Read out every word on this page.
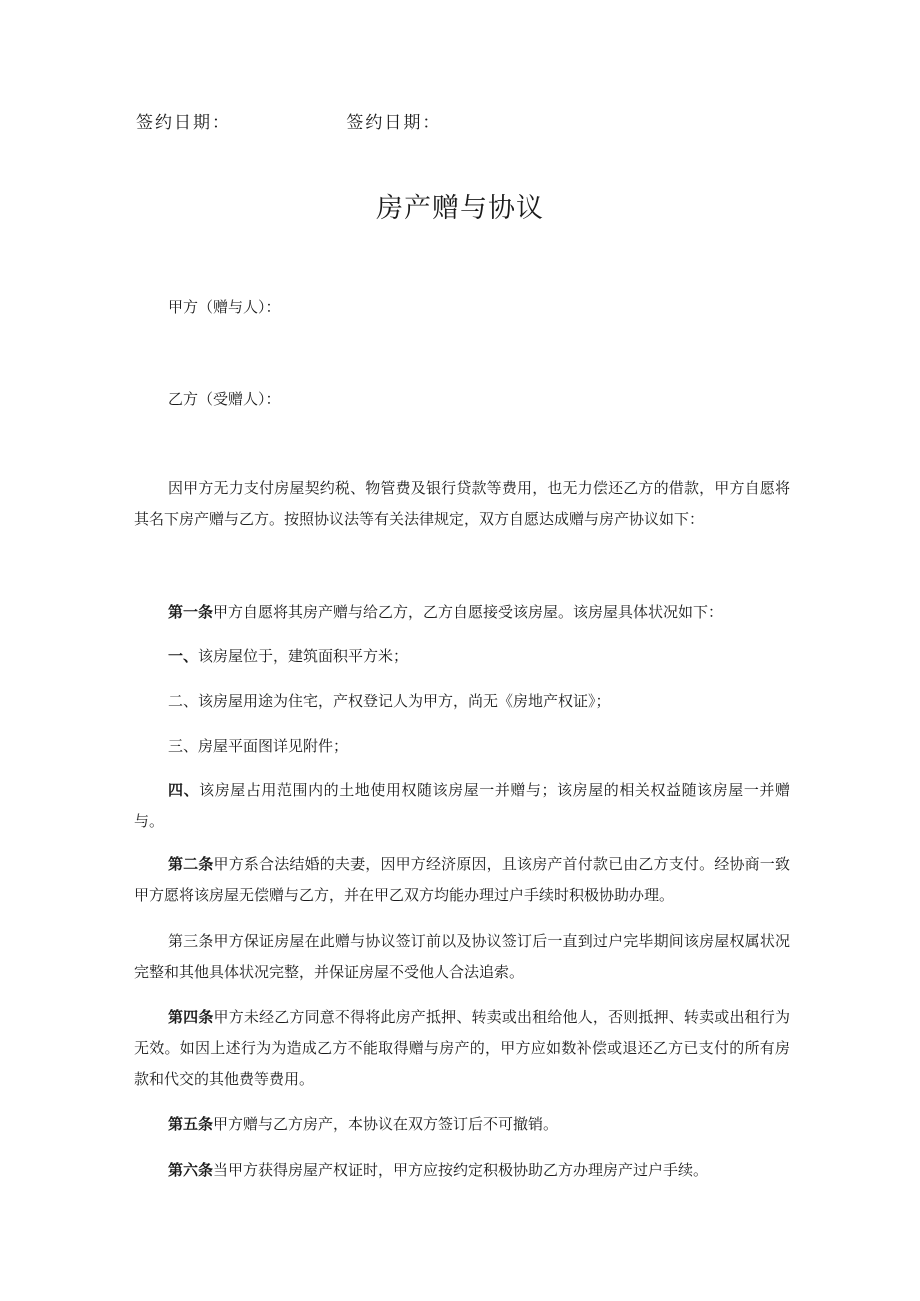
签约日期：	签约日期：
房产赠与协议
甲方（赠与人）：
乙方（受赠人）：
因甲方无力支付房屋契约税、物管费及银行贷款等费用，也无力偿还乙方的借款，甲方自愿将其名下房产赠与乙方。按照协议法等有关法律规定，双方自愿达成赠与房产协议如下：
第一条甲方自愿将其房产赠与给乙方，乙方自愿接受该房屋。该房屋具体状况如下：
一、该房屋位于，建筑面积平方米；
二、该房屋用途为住宅，产权登记人为甲方，尚无《房地产权证》；
三、房屋平面图详见附件；
四、该房屋占用范围内的土地使用权随该房屋一并赠与；该房屋的相关权益随该房屋一并赠与。
第二条甲方系合法结婚的夫妻，因甲方经济原因，且该房产首付款已由乙方支付。经协商一致甲方愿将该房屋无偿赠与乙方，并在甲乙双方均能办理过户手续时积极协助办理。
第三条甲方保证房屋在此赠与协议签订前以及协议签订后一直到过户完毕期间该房屋权属状况完整和其他具体状况完整，并保证房屋不受他人合法追索。
第四条甲方未经乙方同意不得将此房产抵押、转卖或出租给他人，否则抵押、转卖或出租行为无效。如因上述行为为造成乙方不能取得赠与房产的，甲方应如数补偿或退还乙方已支付的所有房款和代交的其他费等费用。
第五条甲方赠与乙方房产，本协议在双方签订后不可撤销。
第六条当甲方获得房屋产权证时，甲方应按约定积极协助乙方办理房产过户手续。
